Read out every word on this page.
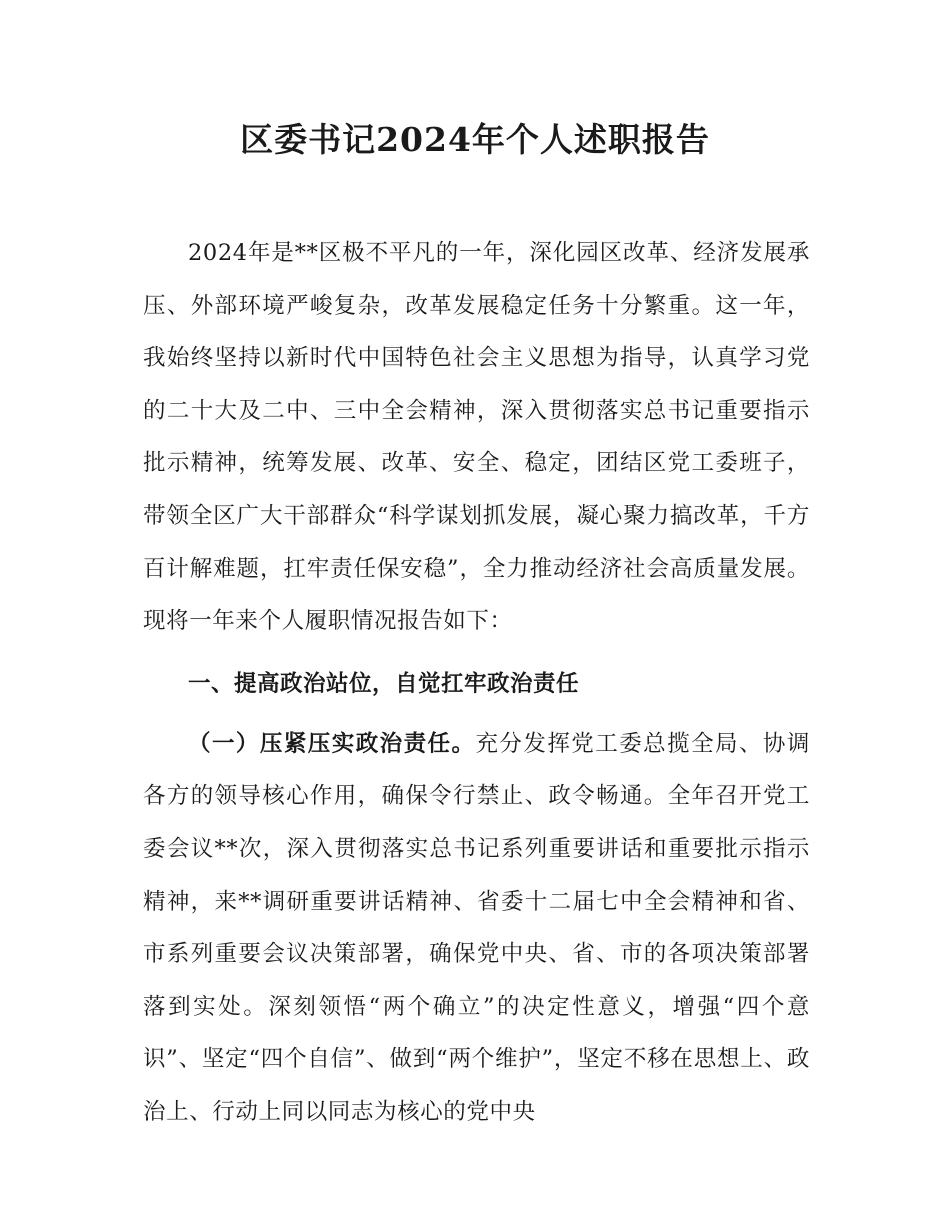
区委书记2024年个人述职报告

2024年是**区极不平凡的一年，深化园区改革、经济发展承压、外部环境严峻复杂，改革发展稳定任务十分繁重。这一年，我始终坚持以新时代中国特色社会主义思想为指导，认真学习党的二十大及二中、三中全会精神，深入贯彻落实总书记重要指示批示精神，统筹发展、改革、安全、稳定，团结区党工委班子，带领全区广大干部群众“科学谋划抓发展，凝心聚力搞改革，千方百计解难题，扛牢责任保安稳”，全力推动经济社会高质量发展。现将一年来个人履职情况报告如下：

一、提高政治站位，自觉扛牢政治责任

（一）压紧压实政治责任。充分发挥党工委总揽全局、协调各方的领导核心作用，确保令行禁止、政令畅通。全年召开党工委会议**次，深入贯彻落实总书记系列重要讲话和重要批示指示精神，来**调研重要讲话精神、省委十二届七中全会精神和省、市系列重要会议决策部署，确保党中央、省、市的各项决策部署落到实处。深刻领悟“两个确立”的决定性意义，增强“四个意识”、坚定“四个自信”、做到“两个维护”，坚定不移在思想上、政治上、行动上同以同志为核心的党中央
